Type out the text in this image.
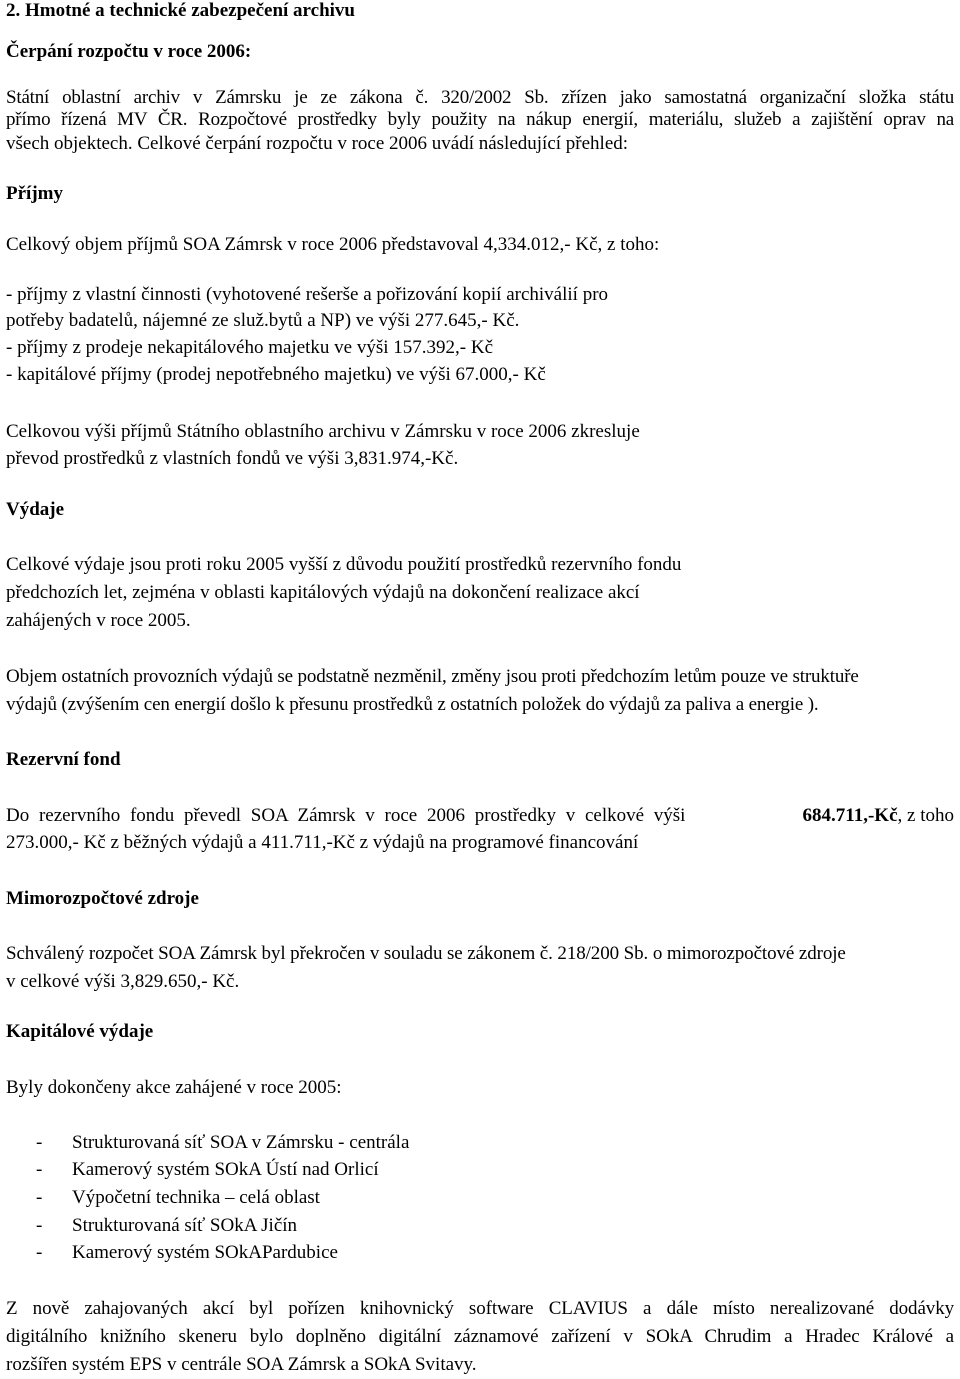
2. Hmotné a technické zabezpečení archivu
Čerpání rozpočtu v roce 2006:
Státní oblastní archiv v Zámrsku je ze zákona č. 320/2002 Sb. zřízen jako samostatná organizační složka státu
přímo řízená MV ČR. Rozpočtové prostředky byly použity na nákup energií, materiálu, služeb a zajištění oprav na
všech objektech. Celkové čerpání rozpočtu v roce 2006 uvádí následující přehled:
Příjmy
Celkový objem příjmů SOA Zámrsk v roce 2006 představoval 4,334.012,- Kč, z toho:
- příjmy z vlastní činnosti (vyhotovené rešerše a pořizování kopií archiválií pro
potřeby badatelů, nájemné ze služ.bytů a NP) ve výši 277.645,- Kč.
- příjmy z prodeje nekapitálového majetku ve výši 157.392,- Kč
- kapitálové příjmy (prodej nepotřebného majetku) ve výši 67.000,- Kč
Celkovou výši příjmů Státního oblastního archivu v Zámrsku v roce 2006 zkresluje
převod prostředků z vlastních fondů ve výši 3,831.974,-Kč.
Výdaje
Celkové výdaje jsou proti roku 2005 vyšší z důvodu použití prostředků rezervního fondu
předchozích let, zejména v oblasti kapitálových výdajů na dokončení realizace akcí
zahájených v roce 2005.
Objem ostatních provozních výdajů se podstatně nezměnil, změny jsou proti předchozím letům pouze ve struktuře
výdajů (zvýšením cen energií došlo k přesunu prostředků z ostatních položek do výdajů za paliva a energie ).
Rezervní fond
Do rezervního fondu převedl SOA Zámrsk v roce 2006 prostředky v celkové výši	684.711,-Kč, z toho
273.000,- Kč z běžných výdajů a 411.711,-Kč z výdajů na programové financování
Mimorozpočtové zdroje
Schválený rozpočet SOA Zámrsk byl překročen v souladu se zákonem č. 218/200 Sb. o mimorozpočtové zdroje
v celkové výši 3,829.650,- Kč.
Kapitálové výdaje
Byly dokončeny akce zahájené v roce 2005:
- Strukturovaná síť SOA v Zámrsku - centrála
- Kamerový systém SOkA Ústí nad Orlicí
- Výpočetní technika – celá oblast
- Strukturovaná síť SOkA Jičín
- Kamerový systém SOkAPardubice
Z nově zahajovaných akcí byl pořízen knihovnický software CLAVIUS a dále místo nerealizované dodávky
digitálního knižního skeneru bylo doplněno digitální záznamové zařízení v SOkA Chrudim a Hradec Králové a
rozšířen systém EPS v centrále SOA Zámrsk a SOkA Svitavy.
